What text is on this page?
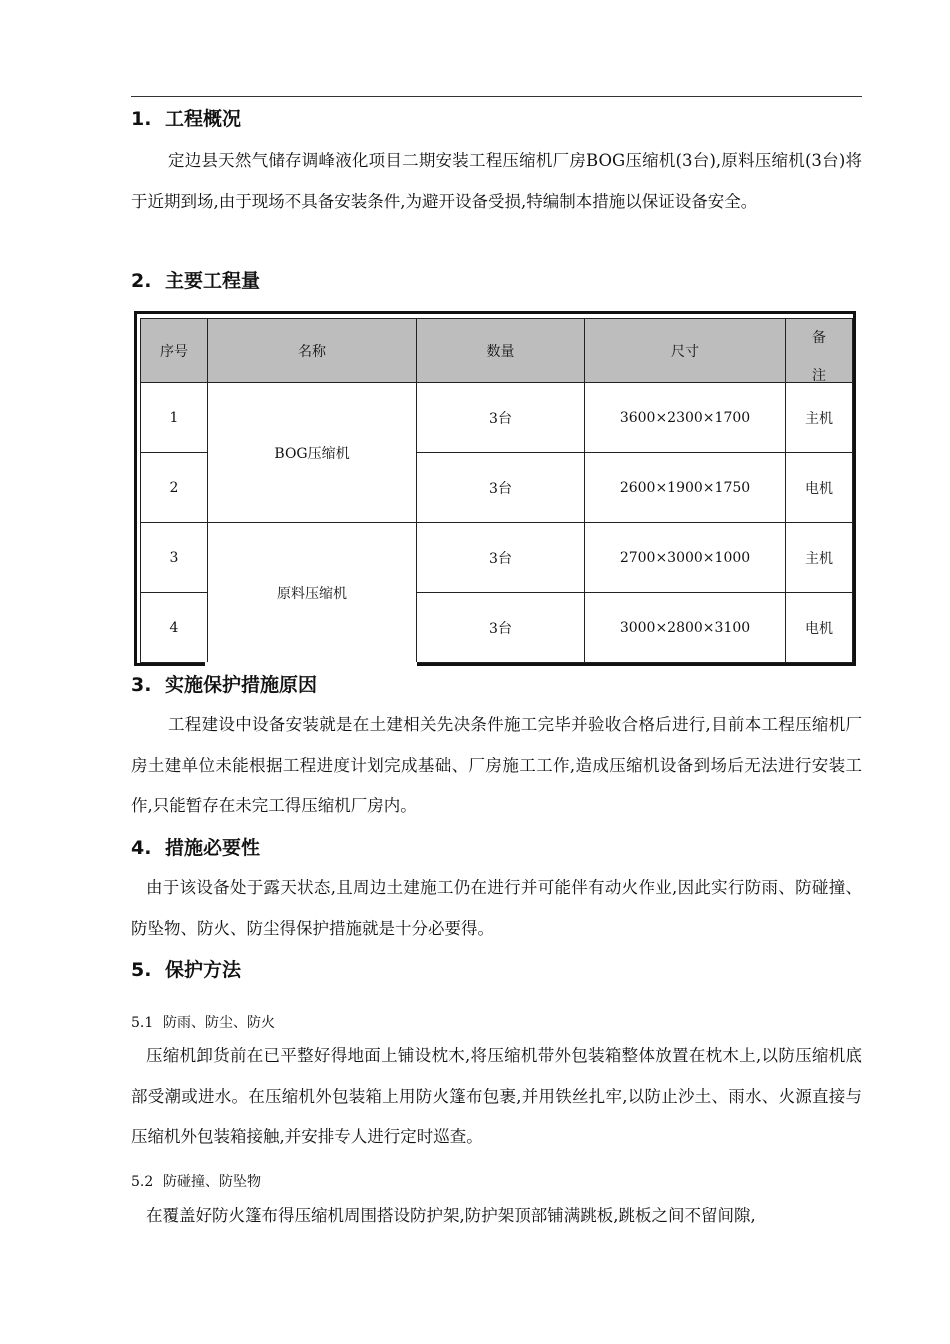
1. 工程概况

定边县天然气储存调峰液化项目二期安装工程压缩机厂房BOG压缩机(3台),原料压缩机(3台)将于近期到场,由于现场不具备安装条件,为避开设备受损,特编制本措施以保证设备安全。

2. 主要工程量
序号	名称	数量	尺寸	备注

1	BOG压缩机	3台	3600×2300×1700	主机
2		3台	2600×1900×1750	电机
3	原料压缩机	3台	2700×3000×1000	主机
4		3台	3000×2800×3100	电机
3. 实施保护措施原因

工程建设中设备安装就是在土建相关先决条件施工完毕并验收合格后进行,目前本工程压缩机厂房土建单位未能根据工程进度计划完成基础、厂房施工工作,造成压缩机设备到场后无法进行安装工作,只能暂存在未完工得压缩机厂房内。

4. 措施必要性

由于该设备处于露天状态,且周边土建施工仍在进行并可能伴有动火作业,因此实行防雨、防碰撞、防坠物、防火、防尘得保护措施就是十分必要得。

5. 保护方法
5.1 防雨、防尘、防火

压缩机卸货前在已平整好得地面上铺设枕木,将压缩机带外包装箱整体放置在枕木上,以防压缩机底部受潮或进水。在压缩机外包装箱上用防火篷布包裹,并用铁丝扎牢,以防止沙土、雨水、火源直接与压缩机外包装箱接触,并安排专人进行定时巡查。

5.2 防碰撞、防坠物

在覆盖好防火篷布得压缩机周围搭设防护架,防护架顶部铺满跳板,跳板之间不留间隙,
